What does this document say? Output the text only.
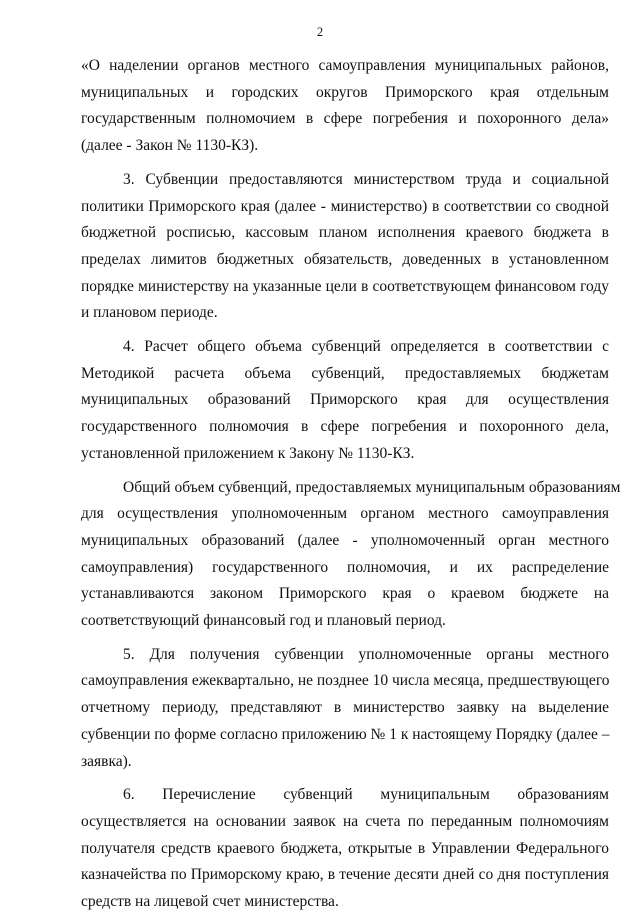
2

«О наделении органов местного самоуправления муниципальных районов,
муниципальных и городских округов Приморского края отдельным
государственным полномочием в сфере погребения и похоронного дела»
(далее - Закон № 1130-КЗ).

3. Субвенции предоставляются министерством труда и социальной
политики Приморского края (далее - министерство) в соответствии со сводной
бюджетной росписью, кассовым планом исполнения краевого бюджета в
пределах лимитов бюджетных обязательств, доведенных в установленном
порядке министерству на указанные цели в соответствующем финансовом году
и плановом периоде.

4. Расчет общего объема субвенций определяется в соответствии с
Методикой расчета объема субвенций, предоставляемых бюджетам
муниципальных образований Приморского края для осуществления
государственного полномочия в сфере погребения и похоронного дела,
установленной приложением к Закону № 1130-КЗ.

Общий объем субвенций, предоставляемых муниципальным образованиям
для осуществления уполномоченным органом местного самоуправления
муниципальных образований (далее - уполномоченный орган местного
самоуправления) государственного полномочия, и их распределение
устанавливаются законом Приморского края о краевом бюджете на
соответствующий финансовый год и плановый период.

5. Для получения субвенции уполномоченные органы местного
самоуправления ежеквартально, не позднее 10 числа месяца, предшествующего
отчетному периоду, представляют в министерство заявку на выделение
субвенции по форме согласно приложению № 1 к настоящему Порядку (далее –
заявка).

6. Перечисление субвенций муниципальным образованиям
осуществляется на основании заявок на счета по переданным полномочиям
получателя средств краевого бюджета, открытые в Управлении Федерального
казначейства по Приморскому краю, в течение десяти дней со дня поступления
средств на лицевой счет министерства.
